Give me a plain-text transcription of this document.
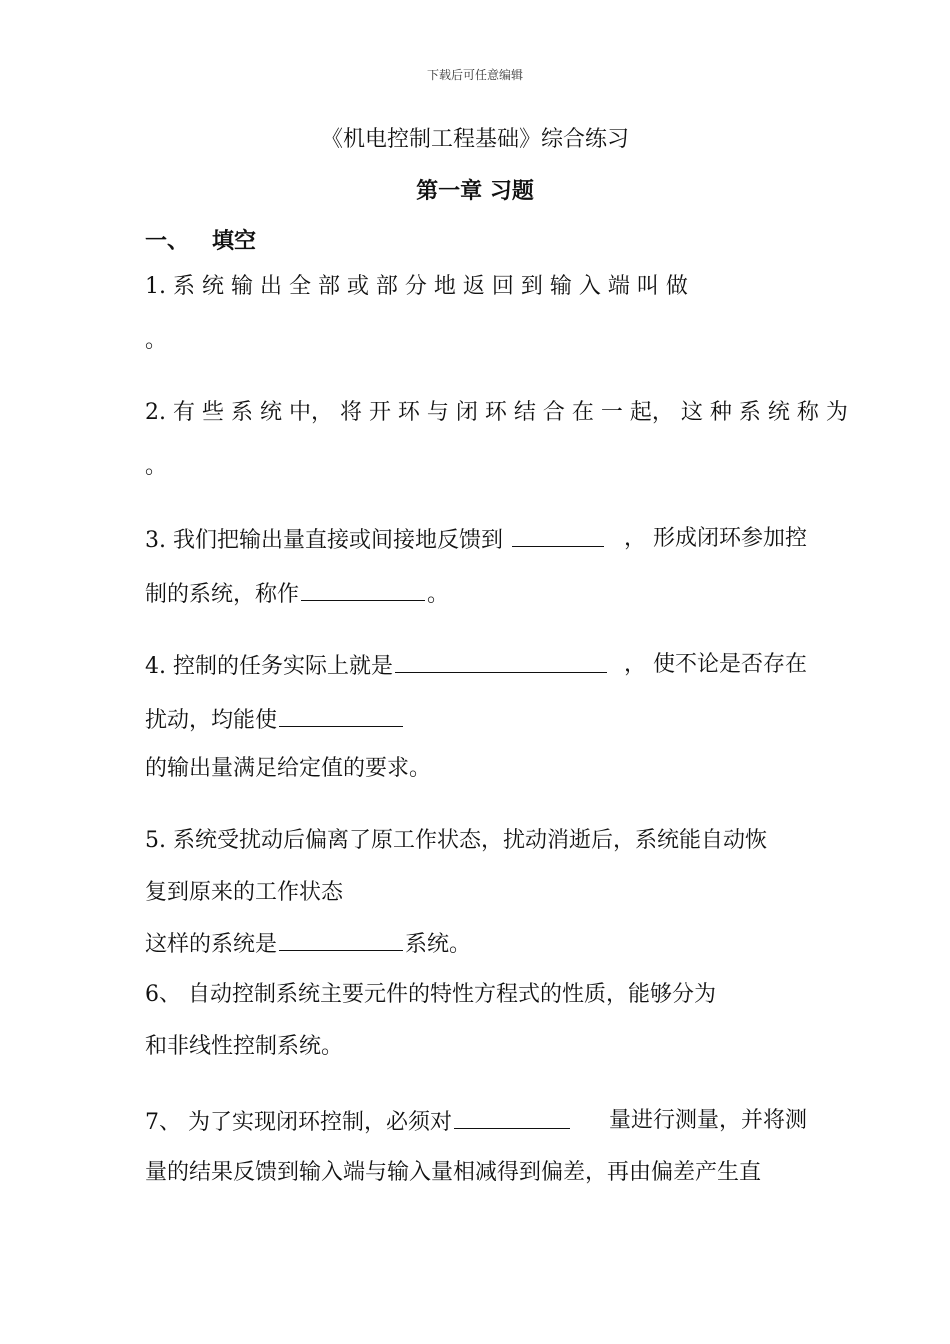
下载后可任意编辑
《机电控制工程基础》综合练习
第一章 习题
一、   填空
1. 系 统 输 出 全 部 或 部 分 地 返 回 到 输 入 端 叫 做
。
2. 有 些 系 统 中， 将 开 环 与 闭 环 结 合 在 一 起， 这 种 系 统 称 为
。
3. 我们把输出量直接或间接地反馈到	， 形成闭环参加控
制的系统，称作	。
4. 控制的任务实际上就是	， 使不论是否存在
扰动，均能使
的输出量满足给定值的要求。
5. 系统受扰动后偏离了原工作状态，扰动消逝后，系统能自动恢
复到原来的工作状态
这样的系统是	系统。
6、 自动控制系统主要元件的特性方程式的性质，能够分为
和非线性控制系统。
7、 为了实现闭环控制，必须对	量进行测量，并将测
量的结果反馈到输入端与输入量相减得到偏差，再由偏差产生直
